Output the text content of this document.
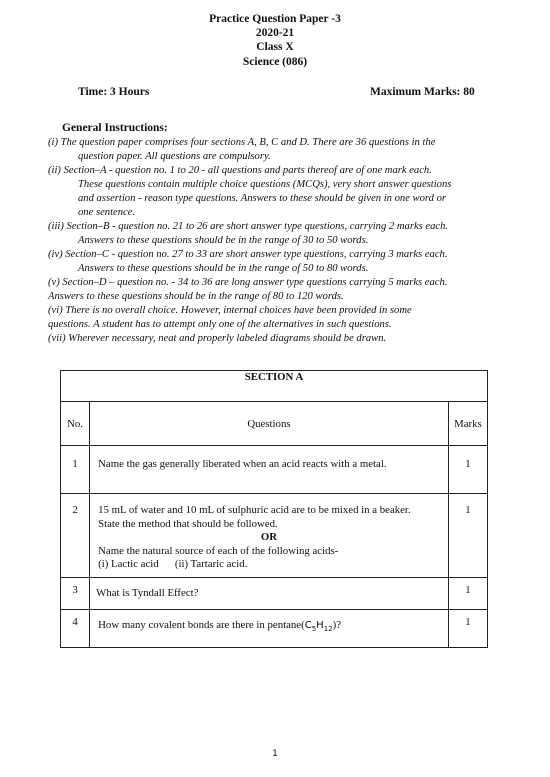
Practice Question Paper -3
2020-21
Class X
Science (086)
Time: 3 Hours	Maximum Marks: 80
General Instructions:

(i) The question paper comprises four sections A, B, C and D. There are 36 questions in the question paper. All questions are compulsory.

(ii) Section–A - question no. 1 to 20 - all questions and parts thereof are of one mark each. These questions contain multiple choice questions (MCQs), very short answer questions and assertion - reason type questions. Answers to these should be given in one word or one sentence.

(iii) Section–B - question no. 21 to 26 are short answer type questions, carrying 2 marks each. Answers to these questions should be in the range of 30 to 50 words.

(iv) Section–C - question no. 27 to 33 are short answer type questions, carrying 3 marks each. Answers to these questions should be in the range of 50 to 80 words.

(v) Section–D – question no. - 34 to 36 are long answer type questions carrying 5 marks each. Answers to these questions should be in the range of 80 to 120 words.

(vi) There is no overall choice. However, internal choices have been provided in some questions. A student has to attempt only one of the alternatives in such questions.

(vii) Wherever necessary, neat and properly labeled diagrams should be drawn.

SECTION A		
No.	Questions	Marks
1	Name the gas generally liberated when an acid reacts with a metal.	1
2	15 mL of water and 10 mL of sulphuric acid are to be mixed in a beaker.
State the method that should be followed.
OR
Name the natural source of each of the following acids-
(i) Lactic acid      (ii) Tartaric acid.	1
3	What is Tyndall Effect?	1
4	How many covalent bonds are there in $pentane(C_5H_{12})$?	1
1
